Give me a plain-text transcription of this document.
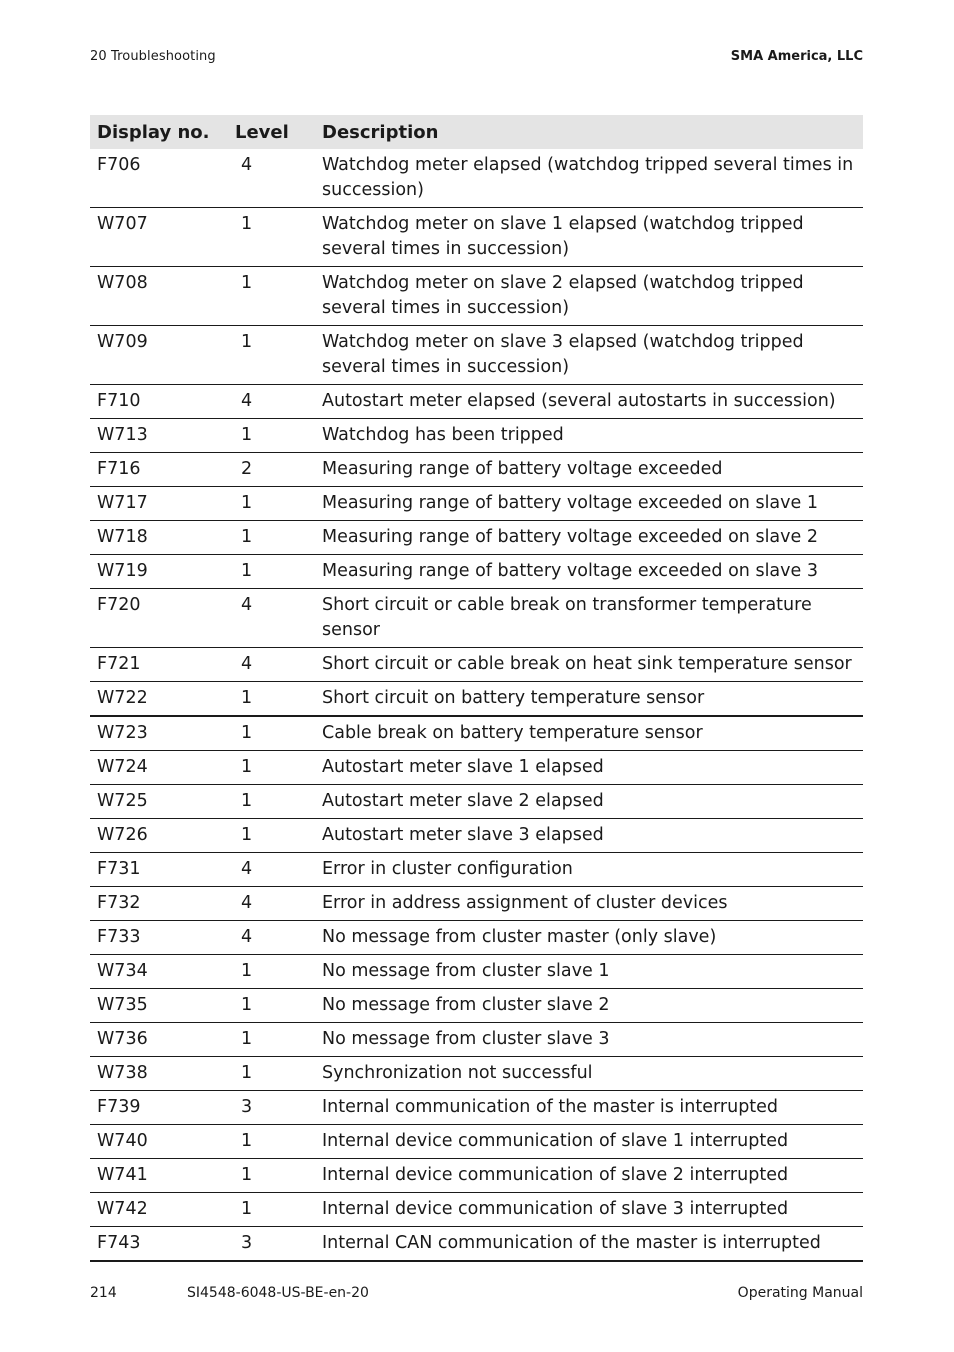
20 Troubleshooting	SMA America, LLC
Display no.	Level	Description
F706	4	Watchdog meter elapsed (watchdog tripped several times in succession)
W707	1	Watchdog meter on slave 1 elapsed (watchdog tripped several times in succession)
W708	1	Watchdog meter on slave 2 elapsed (watchdog tripped several times in succession)
W709	1	Watchdog meter on slave 3 elapsed (watchdog tripped several times in succession)
F710	4	Autostart meter elapsed (several autostarts in succession)
W713	1	Watchdog has been tripped
F716	2	Measuring range of battery voltage exceeded
W717	1	Measuring range of battery voltage exceeded on slave 1
W718	1	Measuring range of battery voltage exceeded on slave 2
W719	1	Measuring range of battery voltage exceeded on slave 3
F720	4	Short circuit or cable break on transformer temperature sensor
F721	4	Short circuit or cable break on heat sink temperature sensor
W722	1	Short circuit on battery temperature sensor
W723	1	Cable break on battery temperature sensor
W724	1	Autostart meter slave 1 elapsed
W725	1	Autostart meter slave 2 elapsed
W726	1	Autostart meter slave 3 elapsed
F731	4	Error in cluster configuration
F732	4	Error in address assignment of cluster devices
F733	4	No message from cluster master (only slave)
W734	1	No message from cluster slave 1
W735	1	No message from cluster slave 2
W736	1	No message from cluster slave 3
W738	1	Synchronization not successful
F739	3	Internal communication of the master is interrupted
W740	1	Internal device communication of slave 1 interrupted
W741	1	Internal device communication of slave 2 interrupted
W742	1	Internal device communication of slave 3 interrupted
F743	3	Internal CAN communication of the master is interrupted
214	SI4548-6048-US-BE-en-20	Operating Manual
